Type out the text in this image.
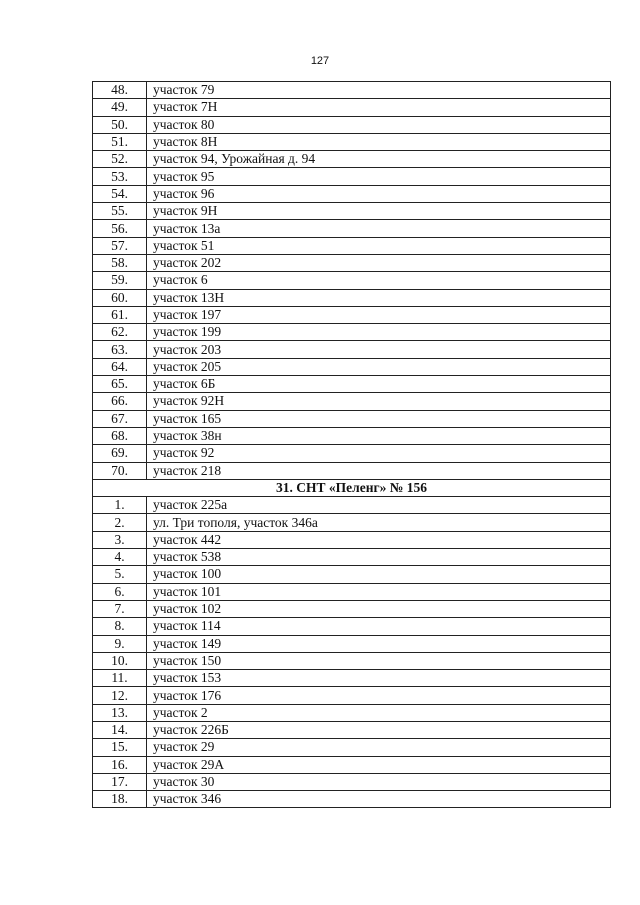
127
48.	участок 79
49.	участок 7Н
50.	участок 80
51.	участок 8Н
52.	участок 94, Урожайная д. 94
53.	участок 95
54.	участок 96
55.	участок 9Н
56.	участок 13а
57.	участок 51
58.	участок 202
59.	участок 6
60.	участок 13Н
61.	участок 197
62.	участок 199
63.	участок 203
64.	участок 205
65.	участок 6Б
66.	участок 92Н
67.	участок 165
68.	участок 38н
69.	участок 92
70.	участок 218
31. СНТ «Пеленг» № 156	
1.	участок 225а
2.	ул. Три тополя, участок 346а
3.	участок 442
4.	участок 538
5.	участок 100
6.	участок 101
7.	участок 102
8.	участок 114
9.	участок 149
10.	участок 150
11.	участок 153
12.	участок 176
13.	участок 2
14.	участок 226Б
15.	участок 29
16.	участок 29А
17.	участок 30
18.	участок 346
